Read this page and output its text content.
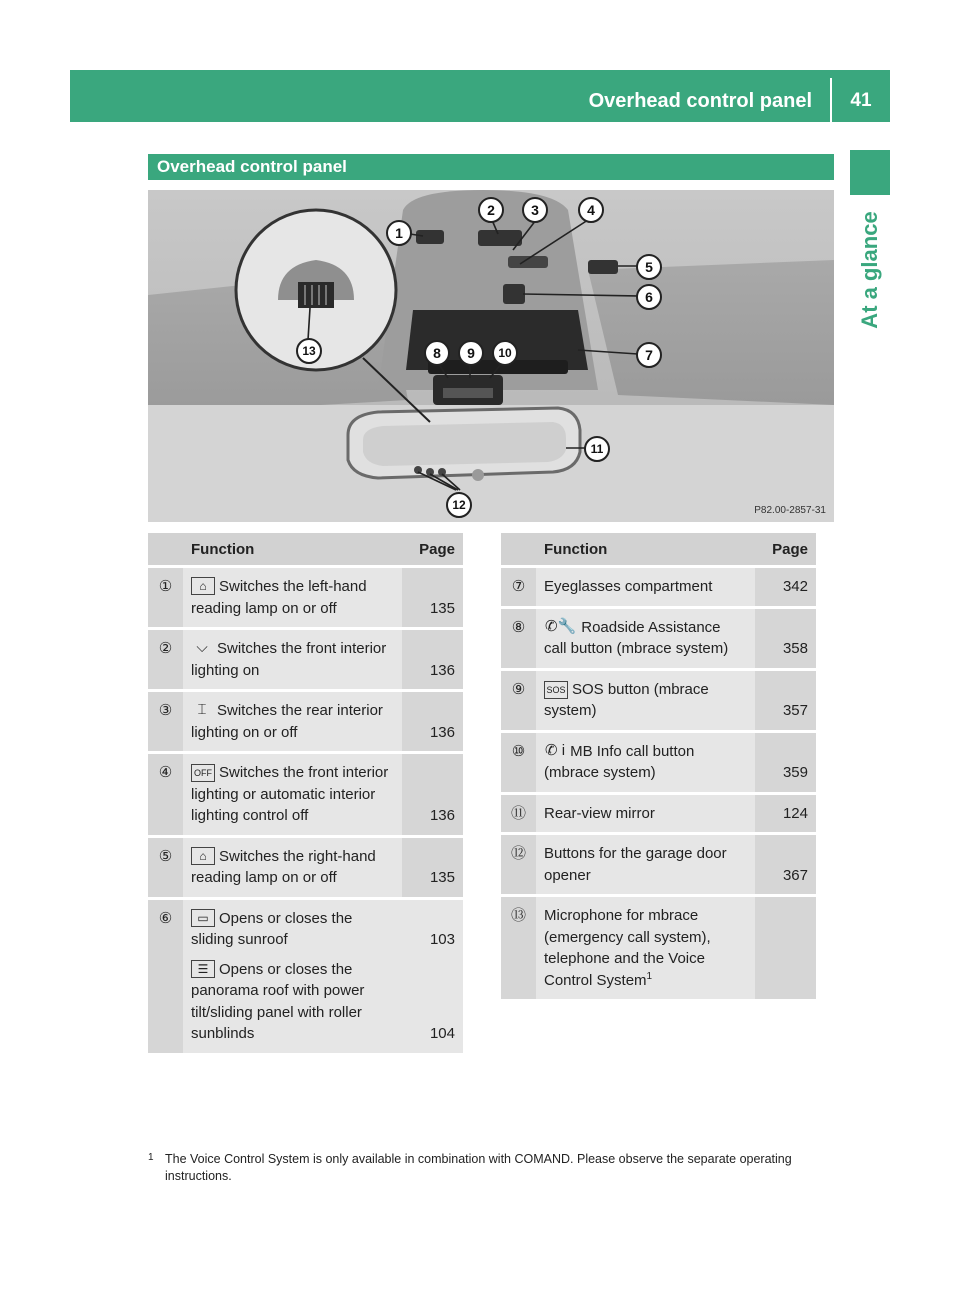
Overhead control panel	41
At a glance
Overhead control panel
1
2	3	4
5
6
7
8	9	10
11
12
13
P82.00-2857-31
	Function	Page
①	⌂ Switches the left-hand reading lamp on or off	135
②	⌵ Switches the front interior lighting on	136
③	⌶ Switches the rear interior lighting on or off	136
④	OFF Switches the front interior lighting or automatic interior lighting control off	136
⑤	⌂ Switches the right-hand reading lamp on or off	135
⑥	▭ Opens or closes the sliding sunroof 103
☰ Opens or closes the panorama roof with power tilt/sliding panel with roller sunblinds 104	
	Function	Page
⑦	Eyeglasses compartment	342
⑧	✆🔧 Roadside Assistance call button (mbrace system)	358
⑨	SOS SOS button (mbrace system)	357
⑩	✆ i MB Info call button (mbrace system)	359
⑪	Rear-view mirror	124
⑫	Buttons for the garage door opener	367
⑬	Microphone for mbrace (emergency call system), telephone and the Voice Control System$^1$	
1 The Voice Control System is only available in combination with COMAND. Please observe the separate operating instructions.
